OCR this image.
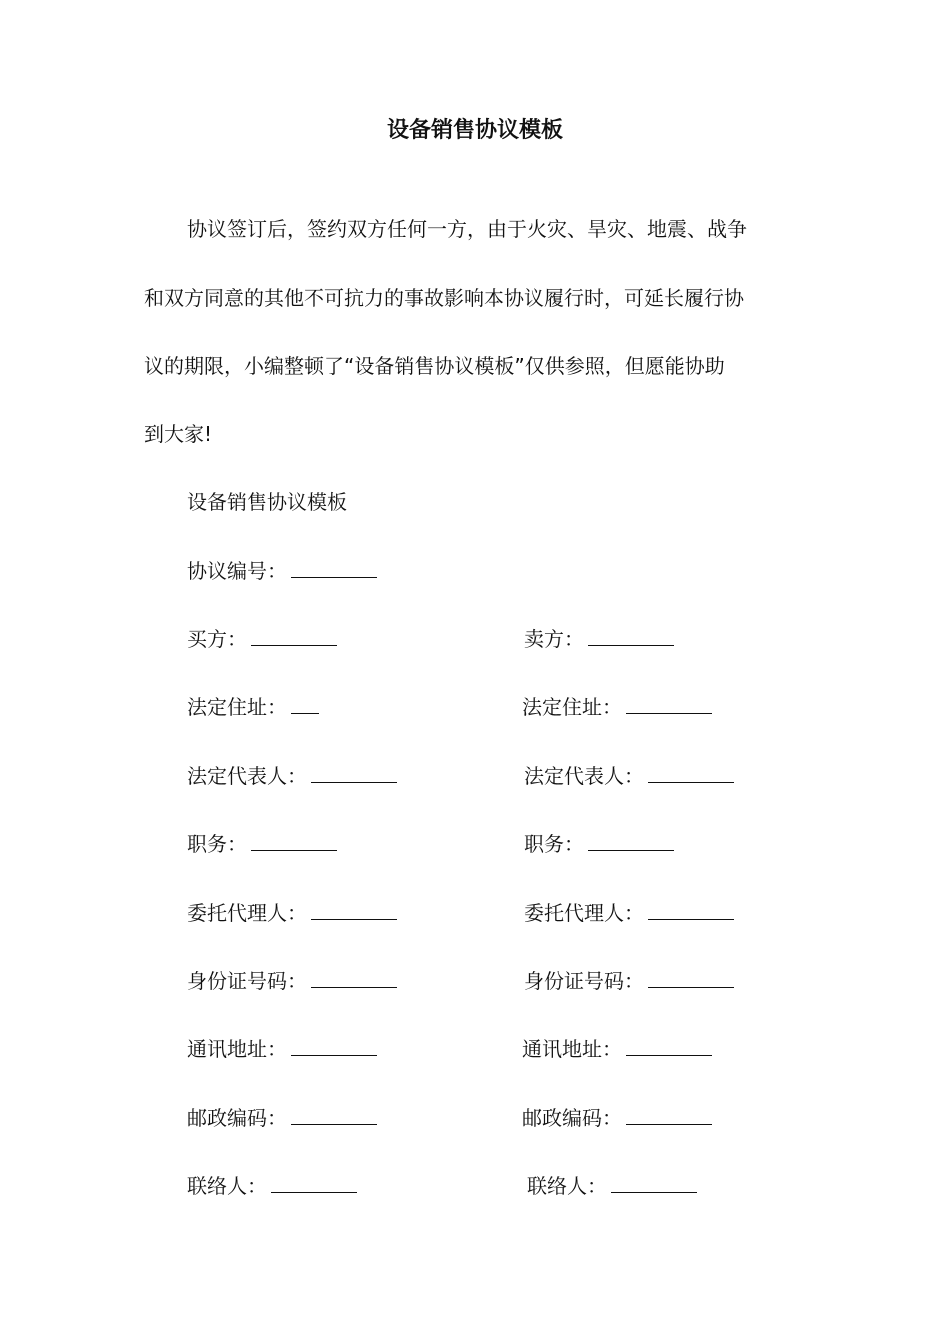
设备销售协议模板
协议签订后，签约双方任何一方，由于火灾、旱灾、地震、战争
和双方同意的其他不可抗力的事故影响本协议履行时，可延长履行协
议的期限，小编整顿了“设备销售协议模板”仅供参照，但愿能协助
到大家!
设备销售协议模板
协议编号：
买方：
法定住址：
法定代表人：
职务：
委托代理人：
身份证号码：
通讯地址：
邮政编码：
联络人：
卖方：
法定住址：
法定代表人：
职务：
委托代理人：
身份证号码：
通讯地址：
邮政编码：
联络人：
